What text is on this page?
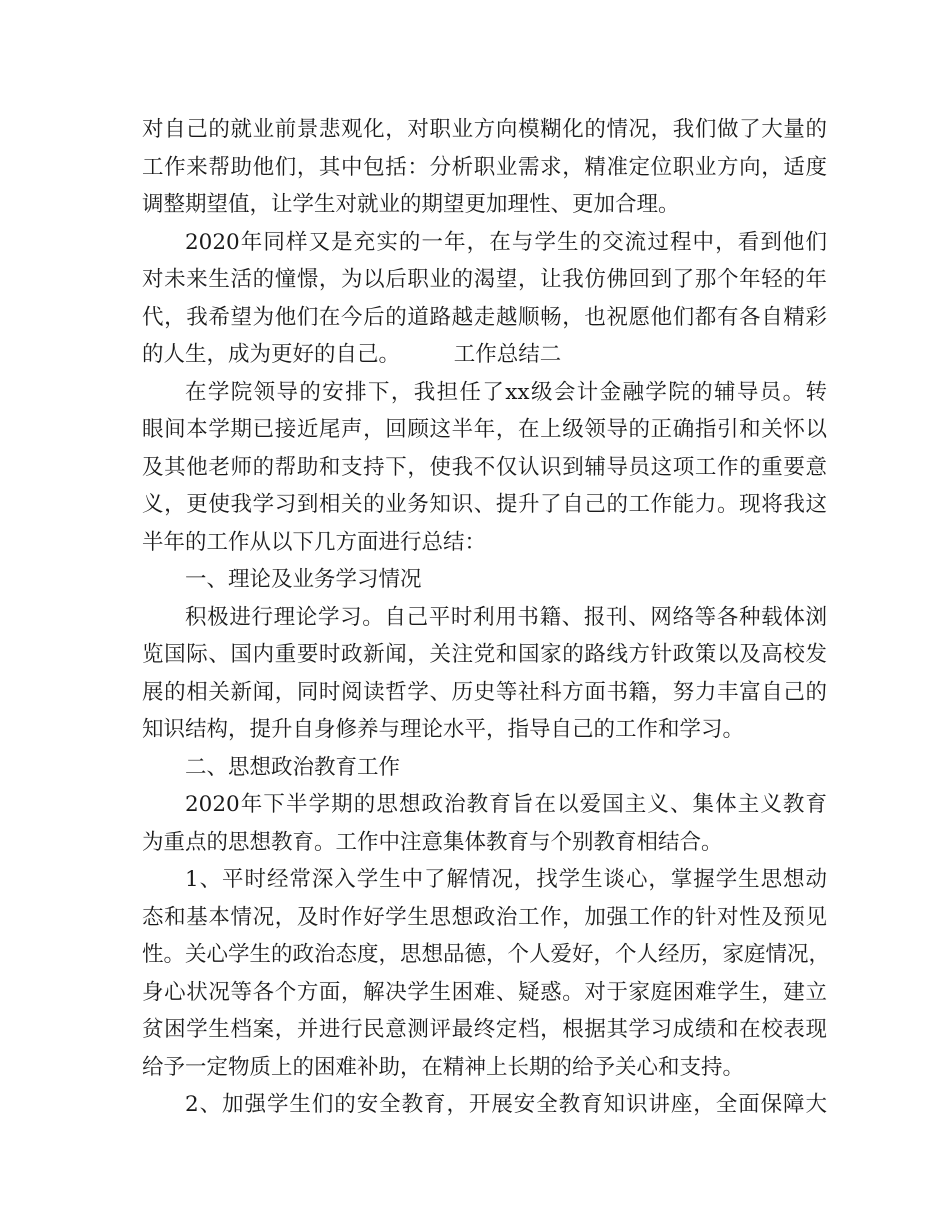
对自己的就业前景悲观化，对职业方向模糊化的情况，我们做了大量的
工作来帮助他们，其中包括：分析职业需求，精准定位职业方向，适度
调整期望值，让学生对就业的期望更加理性、更加合理。
2020年同样又是充实的一年，在与学生的交流过程中，看到他们
对未来生活的憧憬，为以后职业的渴望，让我仿佛回到了那个年轻的年
代，我希望为他们在今后的道路越走越顺畅，也祝愿他们都有各自精彩
的人生，成为更好的自己。　　　工作总结二
在学院领导的安排下，我担任了xx级会计金融学院的辅导员。转
眼间本学期已接近尾声，回顾这半年，在上级领导的正确指引和关怀以
及其他老师的帮助和支持下，使我不仅认识到辅导员这项工作的重要意
义，更使我学习到相关的业务知识、提升了自己的工作能力。现将我这
半年的工作从以下几方面进行总结：
一、理论及业务学习情况
积极进行理论学习。自己平时利用书籍、报刊、网络等各种载体浏
览国际、国内重要时政新闻，关注党和国家的路线方针政策以及高校发
展的相关新闻，同时阅读哲学、历史等社科方面书籍，努力丰富自己的
知识结构，提升自身修养与理论水平，指导自己的工作和学习。
二、思想政治教育工作
2020年下半学期的思想政治教育旨在以爱国主义、集体主义教育
为重点的思想教育。工作中注意集体教育与个别教育相结合。
1、平时经常深入学生中了解情况，找学生谈心，掌握学生思想动
态和基本情况，及时作好学生思想政治工作，加强工作的针对性及预见
性。关心学生的政治态度，思想品德，个人爱好，个人经历，家庭情况，
身心状况等各个方面，解决学生困难、疑惑。对于家庭困难学生，建立
贫困学生档案，并进行民意测评最终定档，根据其学习成绩和在校表现
给予一定物质上的困难补助，在精神上长期的给予关心和支持。
2、加强学生们的安全教育，开展安全教育知识讲座，全面保障大
